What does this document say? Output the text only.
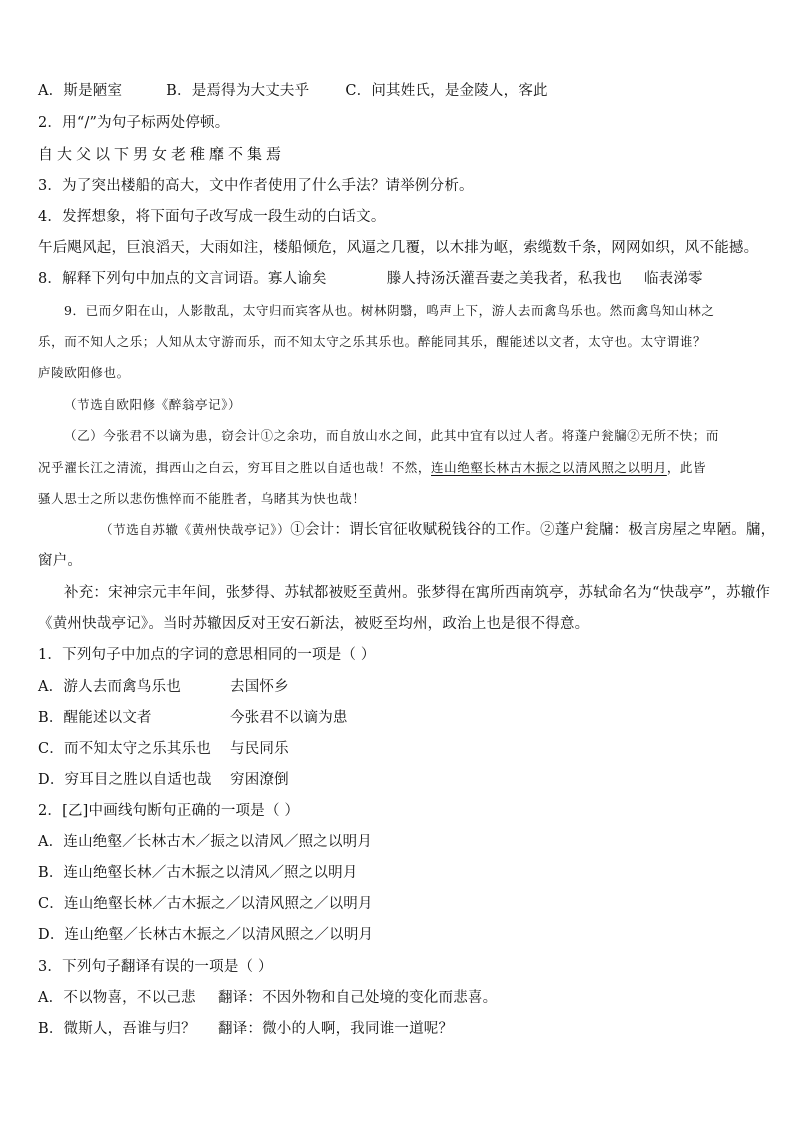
A．斯是陋室	B．是焉得为大丈夫乎 C．问其姓氏，是金陵人，客此
2．用“/”为句子标两处停顿。
自大父以下男女老稚靡不集焉
3．为了突出楼船的高大，文中作者使用了什么手法？请举例分析。
4．发挥想象，将下面句子改写成一段生动的白话文。
午后飓风起，巨浪滔天，大雨如注，楼船倾危，风逼之几覆，以木排为岖，索缆数千条，网网如织，风不能撼。
8．解释下列句中加点的文言词语。寡人谕矣	滕人持汤沃灌吾妻之美我者，私我也 临表涕零
9．已而夕阳在山，人影散乱，太守归而宾客从也。树林阴翳，鸣声上下，游人去而禽鸟乐也。然而禽鸟知山林之
乐，而不知人之乐；人知从太守游而乐，而不知太守之乐其乐也。醉能同其乐，醒能述以文者，太守也。太守谓谁？
庐陵欧阳修也。
（节选自欧阳修《醉翁亭记》）
（乙）今张君不以谪为患，窃会计①之余功，而自放山水之间，此其中宜有以过人者。将蓬户瓮牖②无所不快；而
况乎濯长江之清流，揖西山之白云，穷耳目之胜以自适也哉！不然，连山绝壑长林古木振之以清风照之以明月，此皆
骚人思士之所以悲伤憔悴而不能胜者，乌睹其为快也哉！
（节选自苏辙《黄州快哉亭记》）①会计：谓长官征收赋税钱谷的工作。②蓬户瓮牖：极言房屋之卑陋。牖，
窗户。
补充：宋神宗元丰年间，张梦得、苏轼都被贬至黄州。张梦得在寓所西南筑亭，苏轼命名为“快哉亭”，苏辙作
《黄州快哉亭记》。当时苏辙因反对王安石新法，被贬至均州，政治上也是很不得意。
1．下列句子中加点的字词的意思相同的一项是（ ）
A．游人去而禽鸟乐也	去国怀乡
B．醒能述以文者	今张君不以谪为患
C．而不知太守之乐其乐也 与民同乐
D．穷耳目之胜以自适也哉 穷困潦倒
2．[乙]中画线句断句正确的一项是（ ）
A．连山绝壑／长林古木／振之以清风／照之以明月
B．连山绝壑长林／古木振之以清风／照之以明月
C．连山绝壑长林／古木振之／以清风照之／以明月
D．连山绝壑／长林古木振之／以清风照之／以明月
3．下列句子翻译有误的一项是（ ）
A．不以物喜，不以己悲 翻译：不因外物和自己处境的变化而悲喜。
B．微斯人，吾谁与归？ 翻译：微小的人啊，我同谁一道呢？
